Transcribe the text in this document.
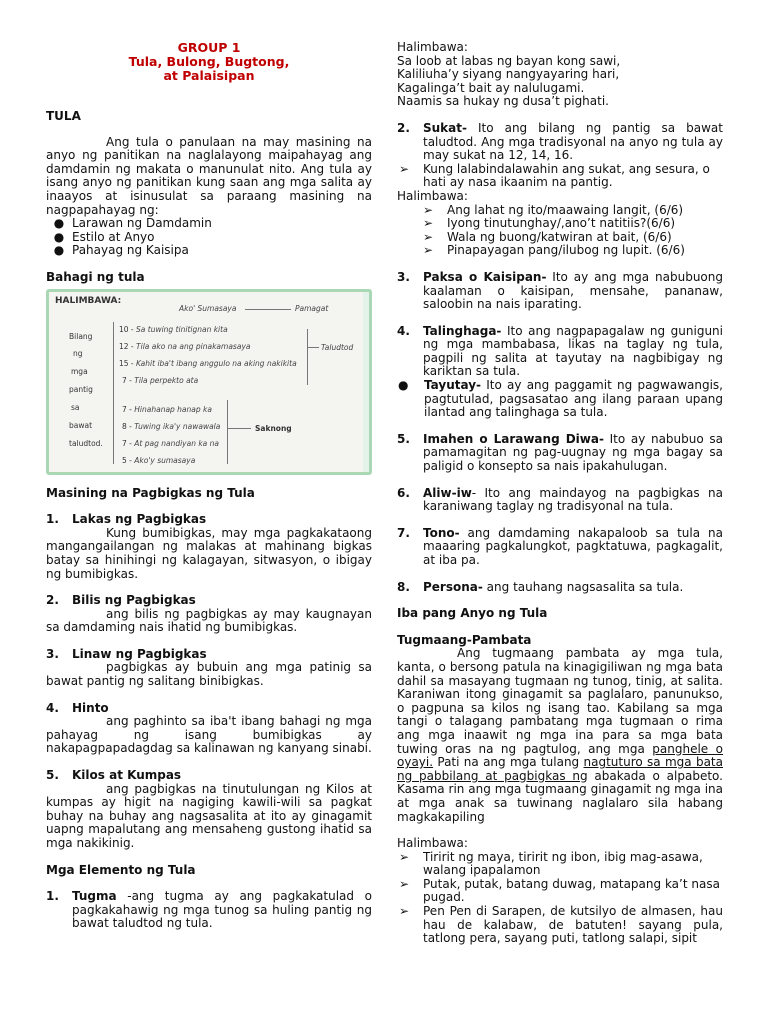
GROUP 1

Tula, Bulong, Bugtong,

at Palaisipan

TULA

Ang tula o panulaan na may masining na anyo ng panitikan na naglalayong maipahayag ang damdamin ng makata o manunulat nito. Ang tula ay isang anyo ng panitikan kung saan ang mga salita ay inaayos at isinusulat sa paraang masining na nagpapahayag ng:

● Larawan ng Damdamin
● Estilo at Anyo
● Pahayag ng Kaisipa

Bahagi ng tula

HALIMBAWA:
Ako' Sumasaya	Pamagat
Bilang
ng
mga
pantig
sa
bawat
taludtod.
10 - Sa tuwing tinitignan kita
12 - Tila ako na ang pinakamasaya
15 - Kahit iba't ibang anggulo na aking nakikita
7 - Tila perpekto ata
Taludtod
7 - Hinahanap hanap ka
8 - Tuwing ika'y nawawala
7 - At pag nandiyan ka na
5 - Ako'y sumasaya
Saknong

Masining na Pagbigkas ng Tula

1.	Lakas ng Pagbigkas

Kung bumibigkas, may mga pagkakataong mangangailangan ng malakas at mahinang bigkas batay sa hinihingi ng kalagayan, sitwasyon, o ibigay ng bumibigkas.

2.	Bilis ng Pagbigkas

ang bilis ng pagbigkas ay may kaugnayan sa damdaming nais ihatid ng bumibigkas.

3.	Linaw ng Pagbigkas

pagbigkas ay bubuin ang mga patinig sa bawat pantig ng salitang binibigkas.

4.	Hinto

ang paghinto sa iba't ibang bahagi ng mga pahayag ng isang bumibigkas ay nakapagpapadagdag sa kalinawan ng kanyang sinabi.

5.	Kilos at Kumpas

ang pagbigkas na tinutulungan ng Kilos at kumpas ay higit na nagiging kawili-wili sa pagkat buhay na buhay ang nagsasalita at ito ay ginagamit uapng mapalutang ang mensaheng gustong ihatid sa mga nakikinig.

Mga Elemento ng Tula

1.	Tugma -ang tugma ay ang pagkakatulad o pagkakahawig ng mga tunog sa huling pantig ng bawat taludtod ng tula.

Halimbawa:

Sa loob at labas ng bayan kong sawi,

Kaliliuha’y siyang nangyayaring hari,

Kagalinga’t bait ay nalulugami.

Naamis sa hukay ng dusa’t pighati.

2.	Sukat- Ito ang bilang ng pantig sa bawat taludtod. Ang mga tradisyonal na anyo ng tula ay may sukat na 12, 14, 16.
➢	Kung lalabindalawahin ang sukat, ang sesura, o hati ay nasa ikaanim na pantig.

Halimbawa:

➢	Ang lahat ng ito/maawaing langit, (6/6)
➢	Iyong tinutunghay/,ano’t natitiis?(6/6)
➢	Wala ng buong/katwiran at bait, (6/6)
➢	Pinapayagan pang/ilubog ng lupit. (6/6)
3.	Paksa o Kaisipan- Ito ay ang mga nabubuong kaalaman o kaisipan, mensahe, pananaw, saloobin na nais iparating.
4.	Talinghaga- Ito ang nagpapagalaw ng guniguni ng mga mambabasa, likas na taglay ng tula, pagpili ng salita at tayutay na nagbibigay ng kariktan sa tula.
●	Tayutay- Ito ay ang paggamit ng pagwawangis, pagtutulad, pagsasatao ang ilang paraan upang ilantad ang talinghaga sa tula.
5.	Imahen o Larawang Diwa- Ito ay nabubuo sa pamamagitan ng pag-uugnay ng mga bagay sa paligid o konsepto sa nais ipakahulugan.
6.	Aliw-iw- Ito ang maindayog na pagbigkas na karaniwang taglay ng tradisyonal na tula.
7.	Tono- ang damdaming nakapaloob sa tula na maaaring pagkalungkot, pagktatuwa, pagkagalit, at iba pa.
8.	Persona- ang tauhang nagsasalita sa tula.

Iba pang Anyo ng Tula

Tugmaang-Pambata

Ang tugmaang pambata ay mga tula, kanta, o bersong patula na kinagigiliwan ng mga bata dahil sa masayang tugmaan ng tunog, tinig, at salita. Karaniwan itong ginagamit sa paglalaro, panunukso, o pagpuna sa kilos ng isang tao. Kabilang sa mga tangi o talagang pambatang mga tugmaan o rima ang mga inaawit ng mga ina para sa mga bata tuwing oras na ng pagtulog, ang mga panghele o oyayi. Pati na ang mga tulang nagtuturo sa mga bata ng pabbilang at pagbigkas ng abakada o alpabeto. Kasama rin ang mga tugmaang ginagamit ng mga ina at mga anak sa tuwinang naglalaro sila habang magkakapiling

Halimbawa:

➢	Tiririt ng maya, tiririt ng ibon, ibig mag-asawa, walang ipapalamon
➢	Putak, putak, batang duwag, matapang ka’t nasa pugad.
➢	Pen Pen di Sarapen, de kutsilyo de almasen, hau hau de kalabaw, de batuten! sayang pula, tatlong pera, sayang puti, tatlong salapi, sipit
